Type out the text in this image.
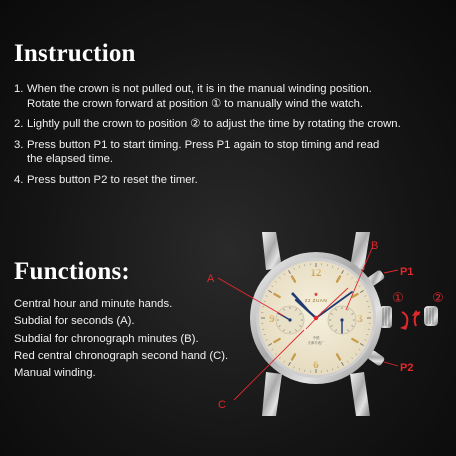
Instruction
1. When the crown is not pulled out, it is in the manual winding position.
Rotate the crown forward at position ① to manually wind the watch.
2. Lightly pull the crown to position ② to adjust the time by rotating the crown.
3. Press button P1 to start timing. Press P1 again to stop timing and read
the elapsed time.
4. Press button P2 to reset the timer.
Functions:
Central hour and minute hands.
Subdial for seconds (A).
Subdial for chronograph minutes (B).
Red central chronograph second hand (C).
Manual winding.
12
3
6
9
★
22 ZUAN
中国
天津手表厂
A
C
B
P1
P2
① ②
